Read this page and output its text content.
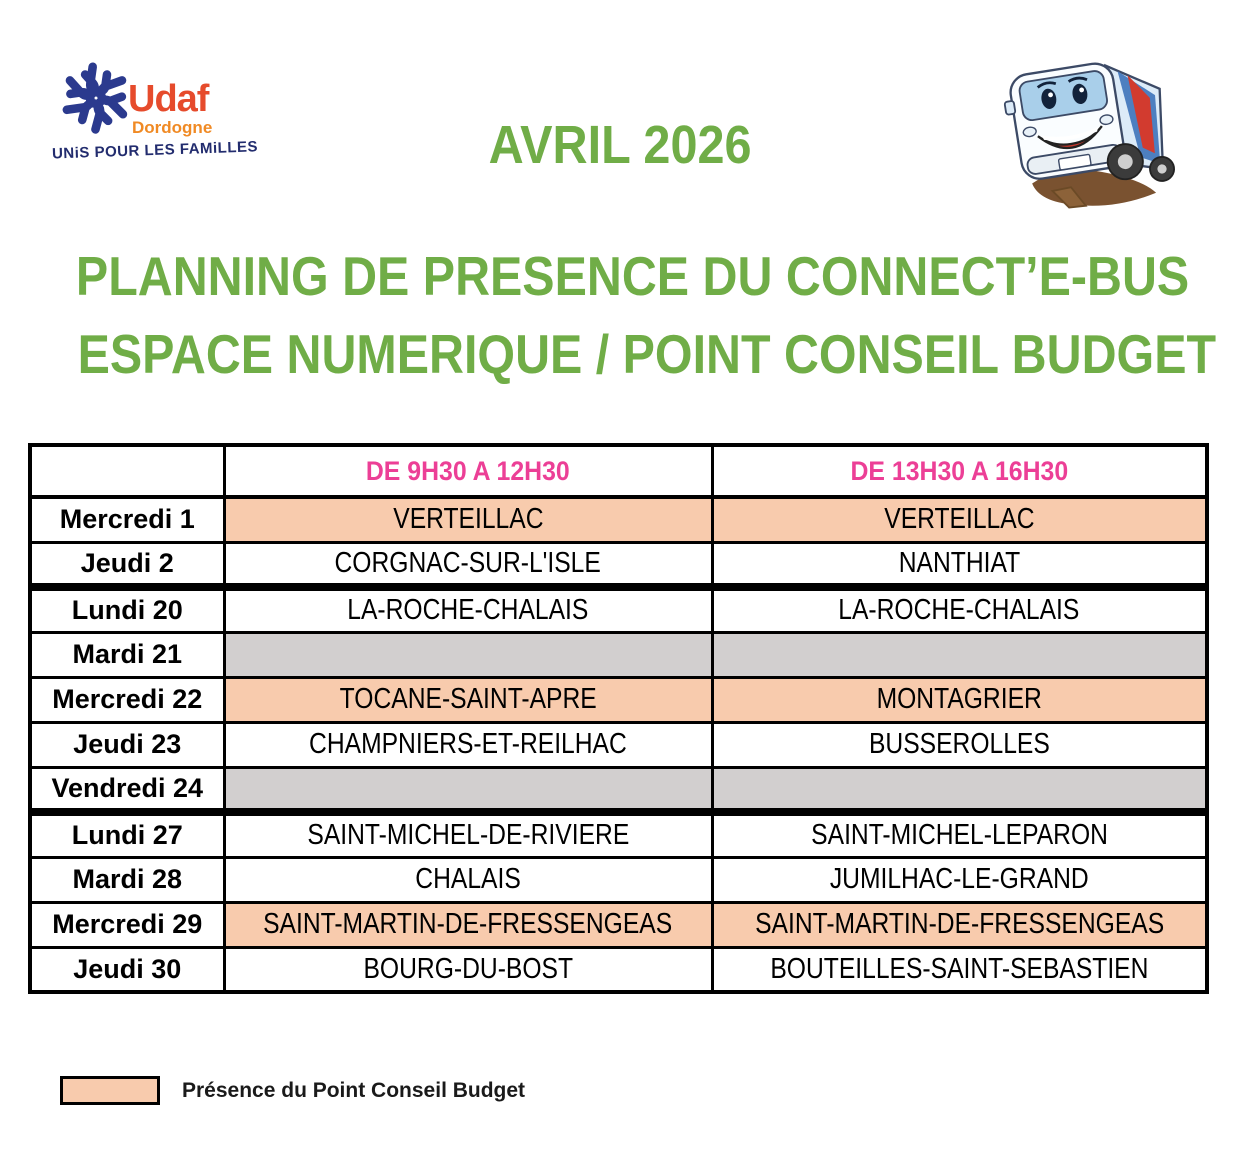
Udaf
Dordogne
UNiS POUR LES FAMiLLES	AVRIL 2026
PLANNING DE PRESENCE DU CONNECT’E-BUS
ESPACE NUMERIQUE / POINT CONSEIL BUDGET
	DE 9H30 A 12H30	DE 13H30 A 16H30
Mercredi 1	VERTEILLAC	VERTEILLAC
Jeudi 2	CORGNAC-SUR-L'ISLE	NANTHIAT
Lundi 20	LA-ROCHE-CHALAIS	LA-ROCHE-CHALAIS
Mardi 21		
Mercredi 22	TOCANE-SAINT-APRE	MONTAGRIER
Jeudi 23	CHAMPNIERS-ET-REILHAC	BUSSEROLLES
Vendredi 24		
Lundi 27	SAINT-MICHEL-DE-RIVIERE	SAINT-MICHEL-LEPARON
Mardi 28	CHALAIS	JUMILHAC-LE-GRAND
Mercredi 29	SAINT-MARTIN-DE-FRESSENGEAS	SAINT-MARTIN-DE-FRESSENGEAS
Jeudi 30	BOURG-DU-BOST	BOUTEILLES-SAINT-SEBASTIEN
Présence du Point Conseil Budget
